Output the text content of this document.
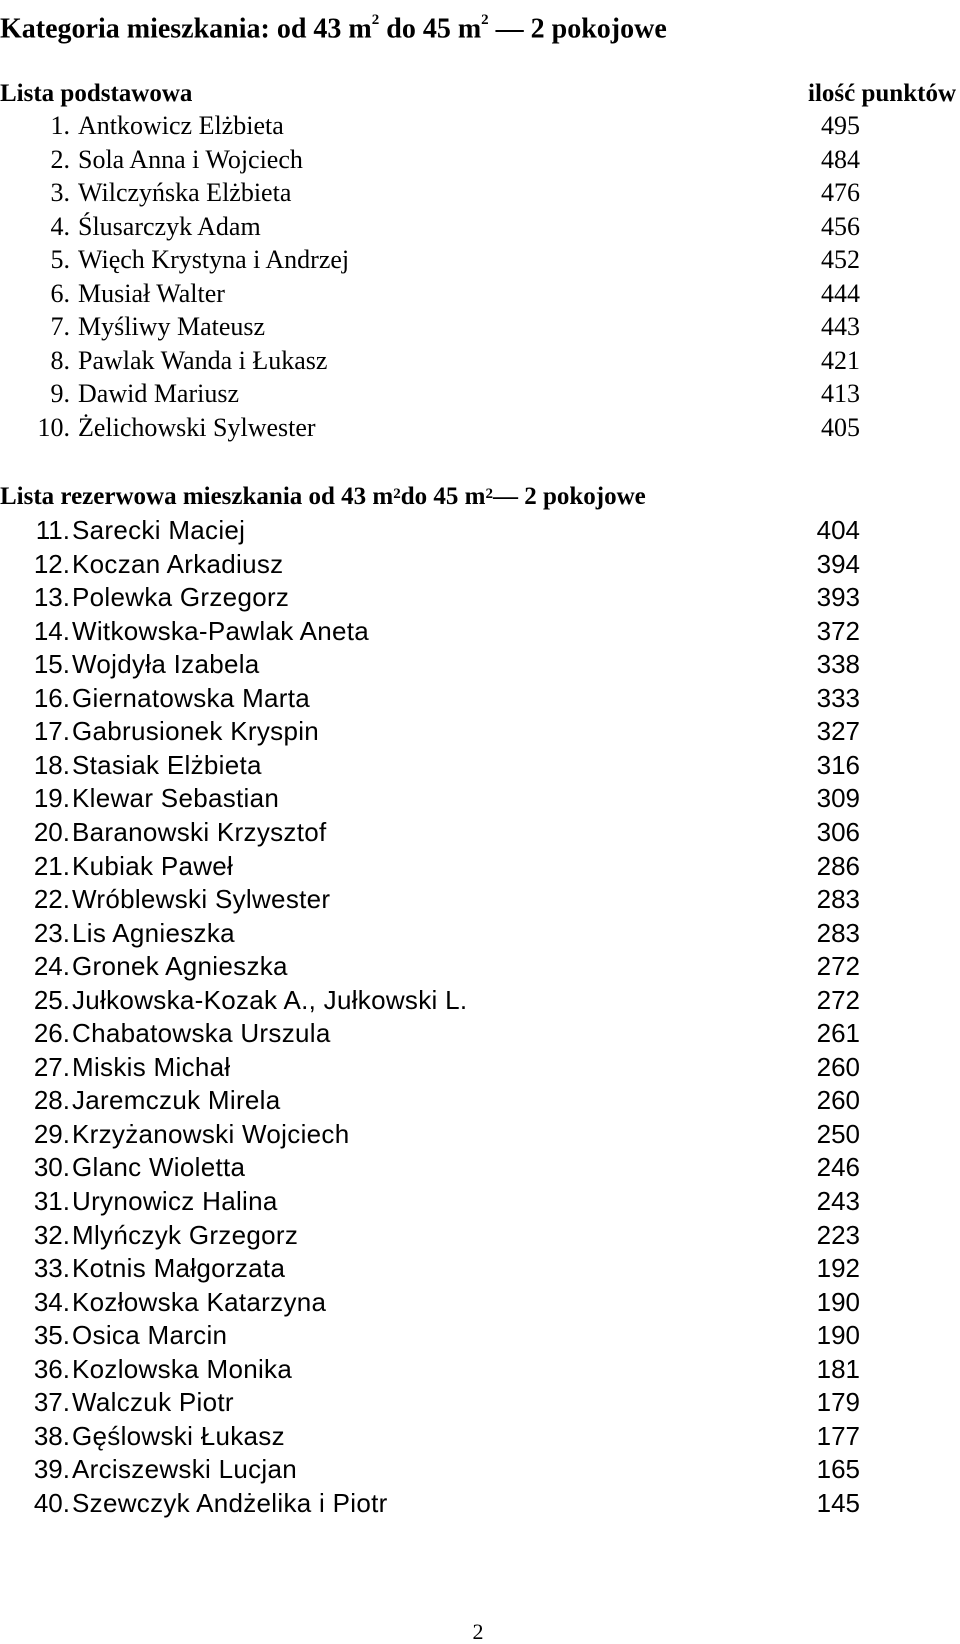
Kategoria mieszkania: od 43 $m^2$ do 45 $m^2$ — 2 pokojowe
Lista podstawowa	ilość punktów
1. Antkowicz Elżbieta	495
2. Sola Anna i Wojciech	484
3. Wilczyńska Elżbieta	476
4. Ślusarczyk Adam	456
5. Więch Krystyna i Andrzej	452
6. Musiał Walter	444
7. Myśliwy Mateusz	443
8. Pawlak Wanda i Łukasz	421
9. Dawid Mariusz	413
10. Żelichowski Sylwester	405
Lista rezerwowa mieszkania od 43 $m^2$ do 45 $m^2$ — 2 pokojowe
11. Sarecki Maciej	404
12. Koczan Arkadiusz	394
13. Polewka Grzegorz	393
14. Witkowska-Pawlak Aneta	372
15. Wojdyła Izabela	338
16. Giernatowska Marta	333
17. Gabrusionek Kryspin	327
18. Stasiak Elżbieta	316
19. Klewar Sebastian	309
20. Baranowski Krzysztof	306
21. Kubiak Paweł	286
22. Wróblewski Sylwester	283
23. Lis Agnieszka	283
24. Gronek Agnieszka	272
25. Jułkowska-Kozak A., Jułkowski L.	272
26. Chabatowska Urszula	261
27. Miskis Michał	260
28. Jaremczuk Mirela	260
29. Krzyżanowski Wojciech	250
30. Glanc Wioletta	246
31. Urynowicz Halina	243
32. Mlyńczyk Grzegorz	223
33. Kotnis Małgorzata	192
34. Kozłowska Katarzyna	190
35. Osica Marcin	190
36. Kozlowska Monika	181
37. Walczuk Piotr	179
38. Gęślowski Łukasz	177
39. Arciszewski Lucjan	165
40. Szewczyk Andżelika i Piotr	145
2
